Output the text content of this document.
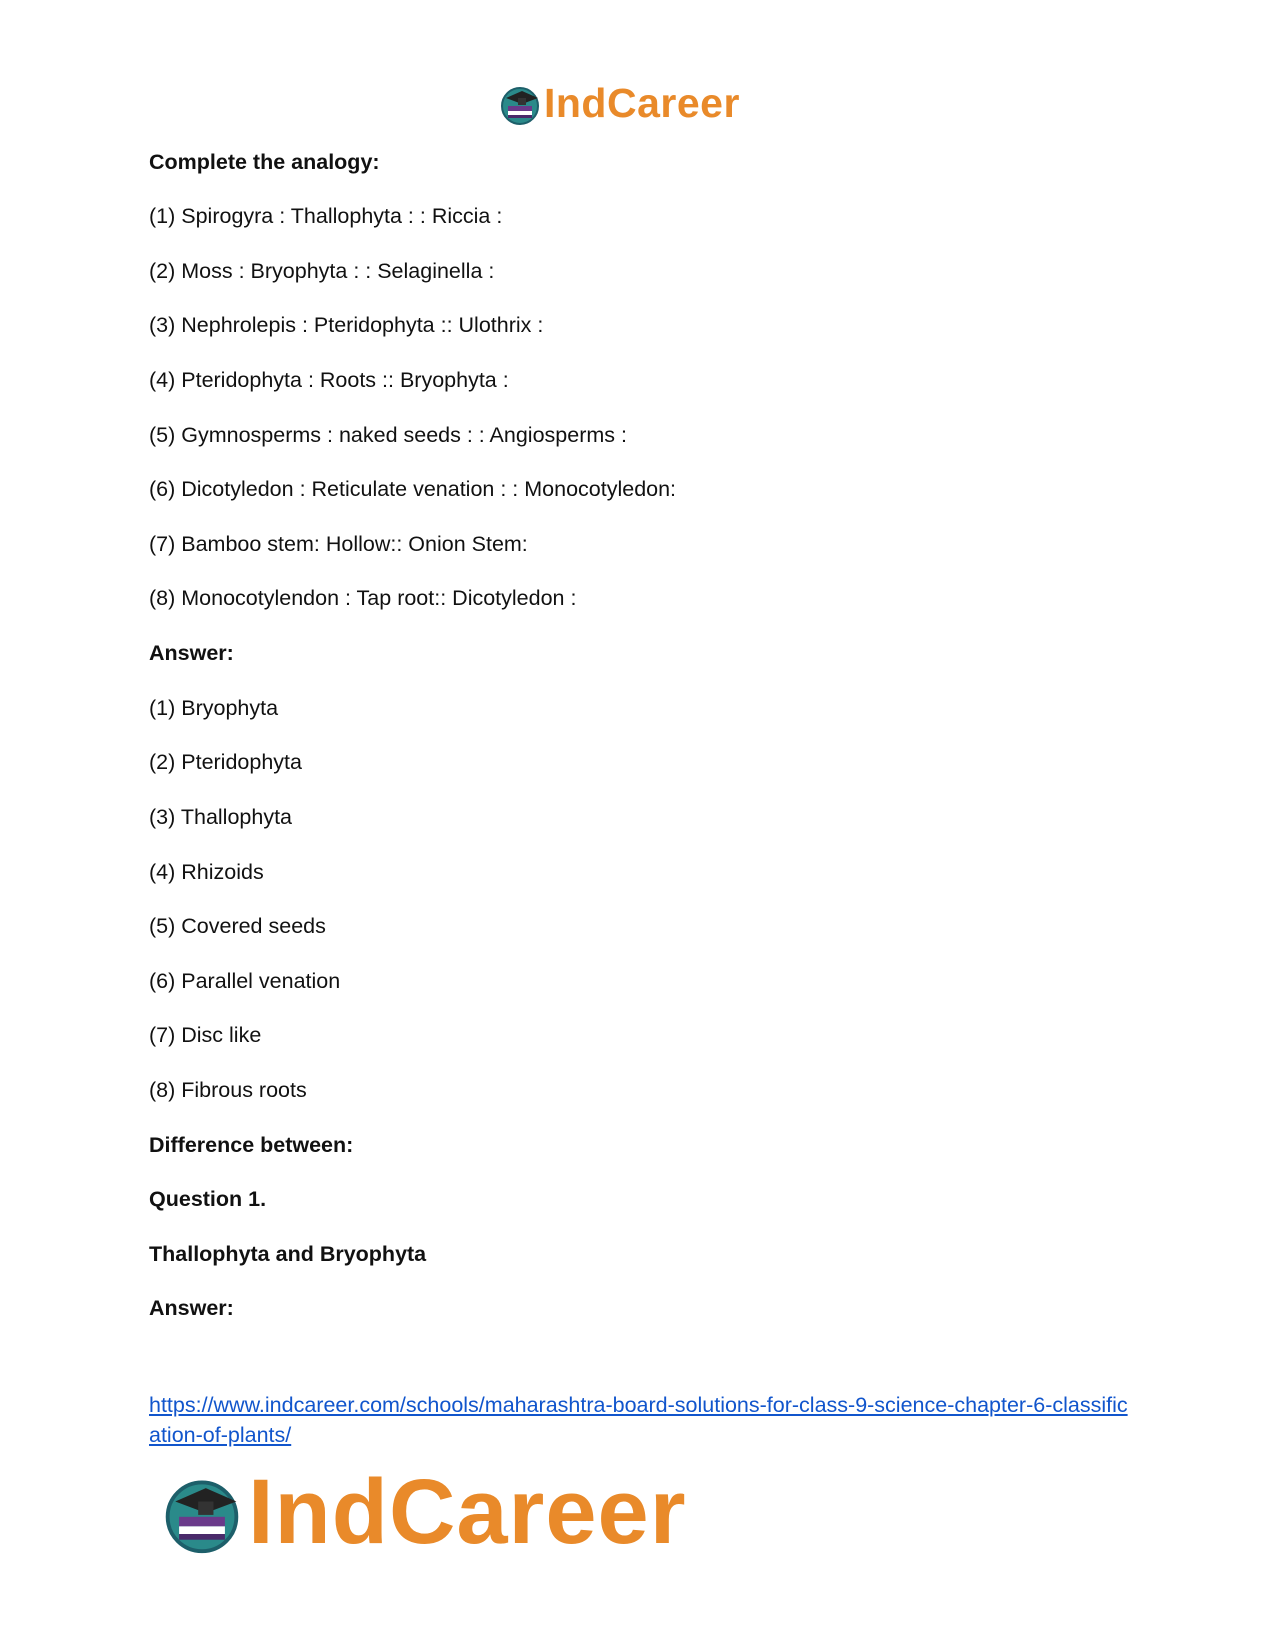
IndCareer
Complete the analogy:
(1) Spirogyra : Thallophyta : : Riccia :
(2) Moss : Bryophyta : : Selaginella :
(3) Nephrolepis : Pteridophyta :: Ulothrix :
(4) Pteridophyta : Roots :: Bryophyta :
(5) Gymnosperms : naked seeds : : Angiosperms :
(6) Dicotyledon : Reticulate venation : : Monocotyledon:
(7) Bamboo stem: Hollow:: Onion Stem:
(8) Monocotylendon : Tap root:: Dicotyledon :
Answer:
(1) Bryophyta
(2) Pteridophyta
(3) Thallophyta
(4) Rhizoids
(5) Covered seeds
(6) Parallel venation
(7) Disc like
(8) Fibrous roots
Difference between:
Question 1.
Thallophyta and Bryophyta
Answer:
https://www.indcareer.com/schools/maharashtra-board-solutions-for-class-9-science-chapter-6-classification-of-plants/
IndCareer
